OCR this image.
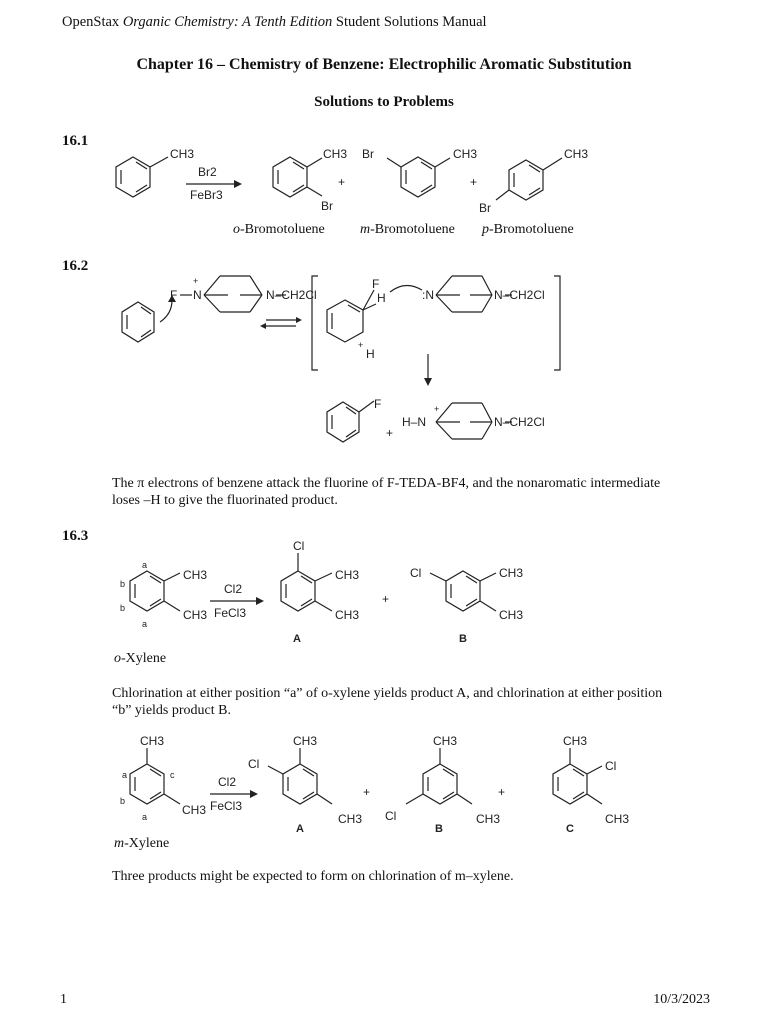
OpenStax Organic Chemistry: A Tenth Edition Student Solutions Manual
Chapter 16 – Chemistry of Benzene: Electrophilic Aromatic Substitution
Solutions to Problems
16.1
CH3
Br2
FeBr3
CH3
Br
+
Br	CH3
+
CH3
Br
o-Bromotoluene	m-Bromotoluene p-Bromotoluene
16.2
F
+
N	N–CH2Cl
F
H
+
H
:N	N–CH2Cl
F
+
+
H–N	N–CH2Cl
The π electrons of benzene attack the fluorine of F-TEDA-BF4, and the nonaromatic intermediate loses –H to give the fluorinated product.
16.3
a
b
b
a
CH3
CH3
Cl2
FeCl3
Cl
CH3
CH3
A
+
Cl	CH3
CH3
B
o-Xylene
Chlorination at either position “a” of o-xylene yields product A, and chlorination at either position “b” yields product B.
CH3
a	c
b
a	CH3
Cl2
FeCl3
CH3
Cl
CH3
A
+
CH3
Cl	CH3
B
+
CH3
Cl
CH3
C
m-Xylene
Three products might be expected to form on chlorination of m–xylene.
1	10/3/2023
